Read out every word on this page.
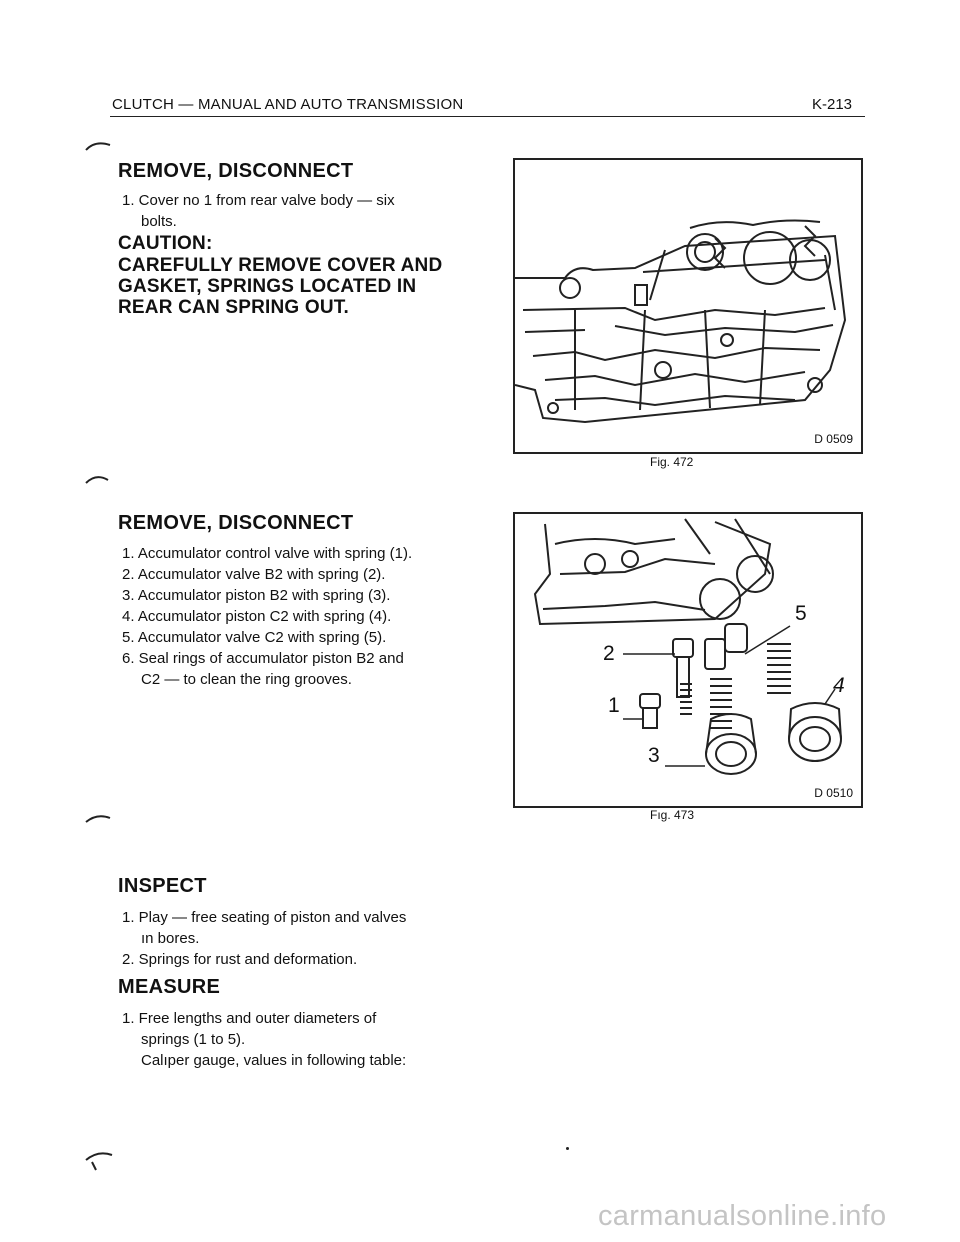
CLUTCH — MANUAL AND AUTO TRANSMISSION	K-213
REMOVE, DISCONNECT
1. Cover no 1 from rear valve body — six
bolts.
CAUTION:
CAREFULLY REMOVE COVER AND
GASKET, SPRINGS LOCATED IN
REAR CAN SPRING OUT.
D 0509
Fig. 472
REMOVE, DISCONNECT
1. Accumulator control valve with spring (1).
2. Accumulator valve B2 with spring (2).
3. Accumulator piston B2 with spring (3).
4. Accumulator piston C2 with spring (4).
5. Accumulator valve C2 with spring (5).
6. Seal rings of accumulator piston B2 and
C2 — to clean the ring grooves.
5
2
4
1
3
D 0510
Fıg. 473
INSPECT
1. Play — free seating of piston and valves
ın bores.
2. Springs for rust and deformation.
MEASURE
1. Free lengths and outer diameters of
springs (1 to 5).
Calıper gauge, values in following table:
carmanualsonline.info
